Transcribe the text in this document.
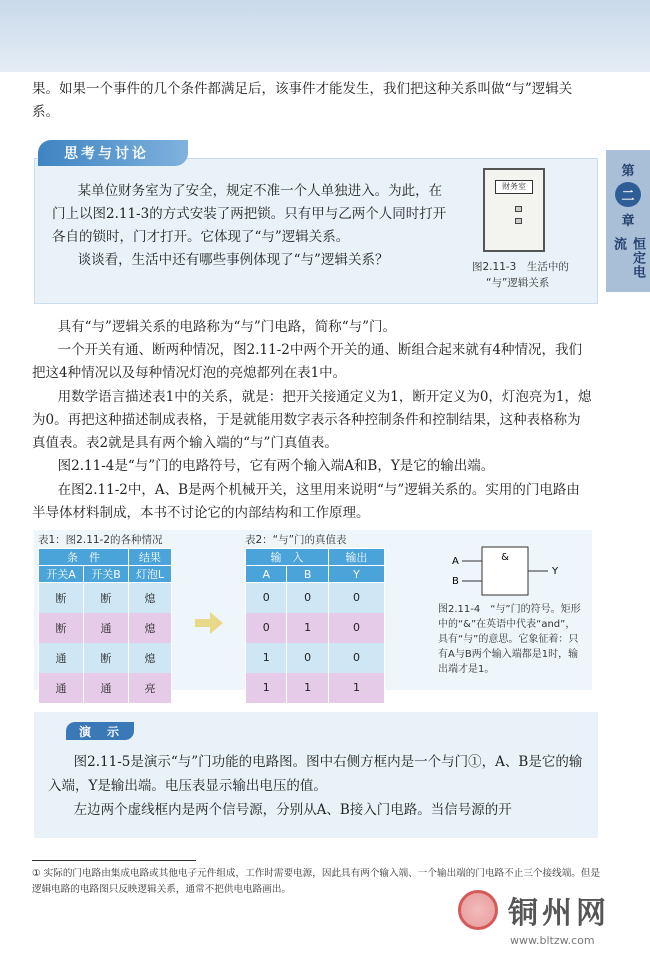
果。如果一个事件的几个条件都满足后，该事件才能发生，我们把这种关系叫做“与”逻辑关系。
第
二
章
恒定电流
思考与讨论

某单位财务室为了安全，规定不准一个人单独进入。为此，在门上以图2.11-3的方式安装了两把锁。只有甲与乙两个人同时打开各自的锁时，门才打开。它体现了“与”逻辑关系。

谈谈看，生活中还有哪些事例体现了“与”逻辑关系？

财务室
图2.11-3　生活中的
“与”逻辑关系

具有“与”逻辑关系的电路称为“与”门电路，简称“与”门。

一个开关有通、断两种情况，图2.11-2中两个开关的通、断组合起来就有4种情况，我们把这4种情况以及每种情况灯泡的亮熄都列在表1中。

用数学语言描述表1中的关系，就是：把开关接通定义为1，断开定义为0，灯泡亮为1，熄为0。再把这种描述制成表格，于是就能用数字表示各种控制条件和控制结果，这种表格称为真值表。表2就是具有两个输入端的“与”门真值表。

图2.11-4是“与”门的电路符号，它有两个输入端A和B，Y是它的输出端。

在图2.11-2中，A、B是两个机械开关，这里用来说明“与”逻辑关系的。实用的门电路由半导体材料制成，本书不讨论它的内部结构和工作原理。

表1：图2.11-2的各种情况
条　件		结果
开关A	开关B	灯泡L
断	断	熄
断	通	熄
通	断	熄
通	通	亮
表2：“与”门的真值表
输　入		输出
A	B	Y
0	0	0
0	1	0
1	0	0
1	1	1
&
A
B
Y
图2.11-4　“与”门的符号。矩形中的“&”在英语中代表“and”，具有“与”的意思。它象征着：只有A与B两个输入端都是1时，输出端才是1。
演　示

图2.11-5是演示“与”门功能的电路图。图中右侧方框内是一个与门①，A、B是它的输入端，Y是输出端。电压表显示输出电压的值。

左边两个虚线框内是两个信号源，分别从A、B接入门电路。当信号源的开

① 实际的门电路由集成电路或其他电子元件组成，工作时需要电源，因此具有两个输入端、一个输出端的门电路不止三个接线端。但是逻辑电路的电路图只反映逻辑关系，通常不把供电电路画出。
铜州网
www.bltzw.com
